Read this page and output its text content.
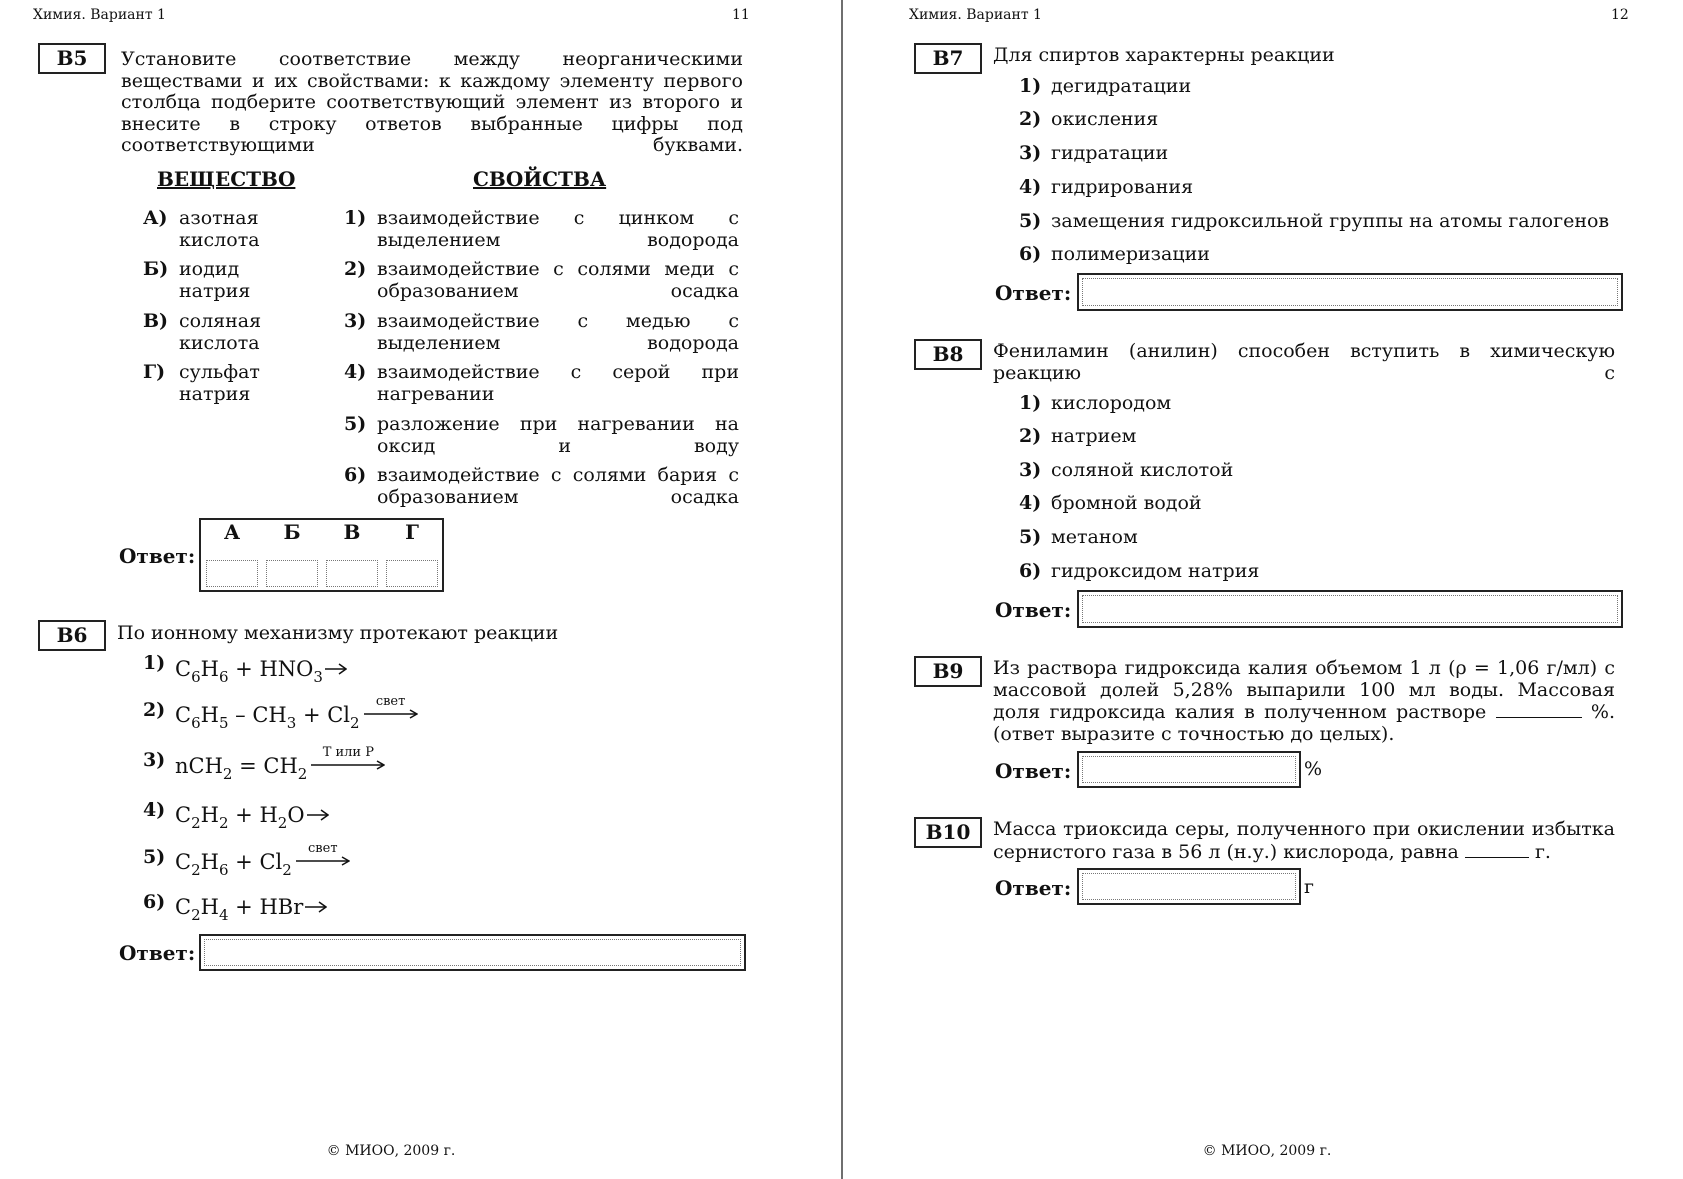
Химия. Вариант 1	11
В5	Установите соответствие между неорганическими веществами и их свойствами: к каждому элементу первого столбца подберите соответствующий элемент из второго и внесите в строку ответов выбранные цифры под соответствующими буквами.

ВЕЩЕСТВО	СВОЙСТВА
А) азотная кислота
Б) иодид натрия
В) соляная кислота
Г) сульфат натрия
1) взаимодействие с цинком с выделением водорода
2) взаимодействие с солями меди с образованием осадка
3) взаимодействие с медью с выделением водорода
4) взаимодействие с серой при нагревании
5) разложение при нагревании на оксид и воду
6) взаимодействие с солями бария с образованием осадка
Ответ:
А	Б	В	Г
В6	По ионному механизму протекают реакции

1) $C_6H_6 + HNO_3$ →
2) $C_6H_5 - CH_3 + Cl_2$
свет
3) $nCH_2 = CH_2$
T или P
4) $C_2H_2 + H_2O$ →
5) $C_2H_6 + Cl_2$
свет
6) $C_2H_4$ + HBr →
Ответ:
© МИОО, 2009 г.
Химия. Вариант 1	12
В7	Для спиртов характерны реакции

1) дегидратации
2) окисления
3) гидратации
4) гидрирования
5) замещения гидроксильной группы на атомы галогенов
6) полимеризации
Ответ:
В8	Фениламин (анилин) способен вступить в химическую реакцию с

1) кислородом
2) натрием
3) соляной кислотой
4) бромной водой
5) метаном
6) гидроксидом натрия
Ответ:
В9	Из раствора гидроксида калия объемом 1 л (ρ = 1,06 г/мл) с массовой долей 5,28% выпарили 100 мл воды. Массовая доля гидроксида калия в полученном растворе	%. (ответ выразите с точностью до целых).

Ответ:	%
В10	Масса триоксида серы, полученного при окислении избытка сернистого газа в 56 л (н.у.) кислорода, равна	г.

Ответ:	г
© МИОО, 2009 г.
